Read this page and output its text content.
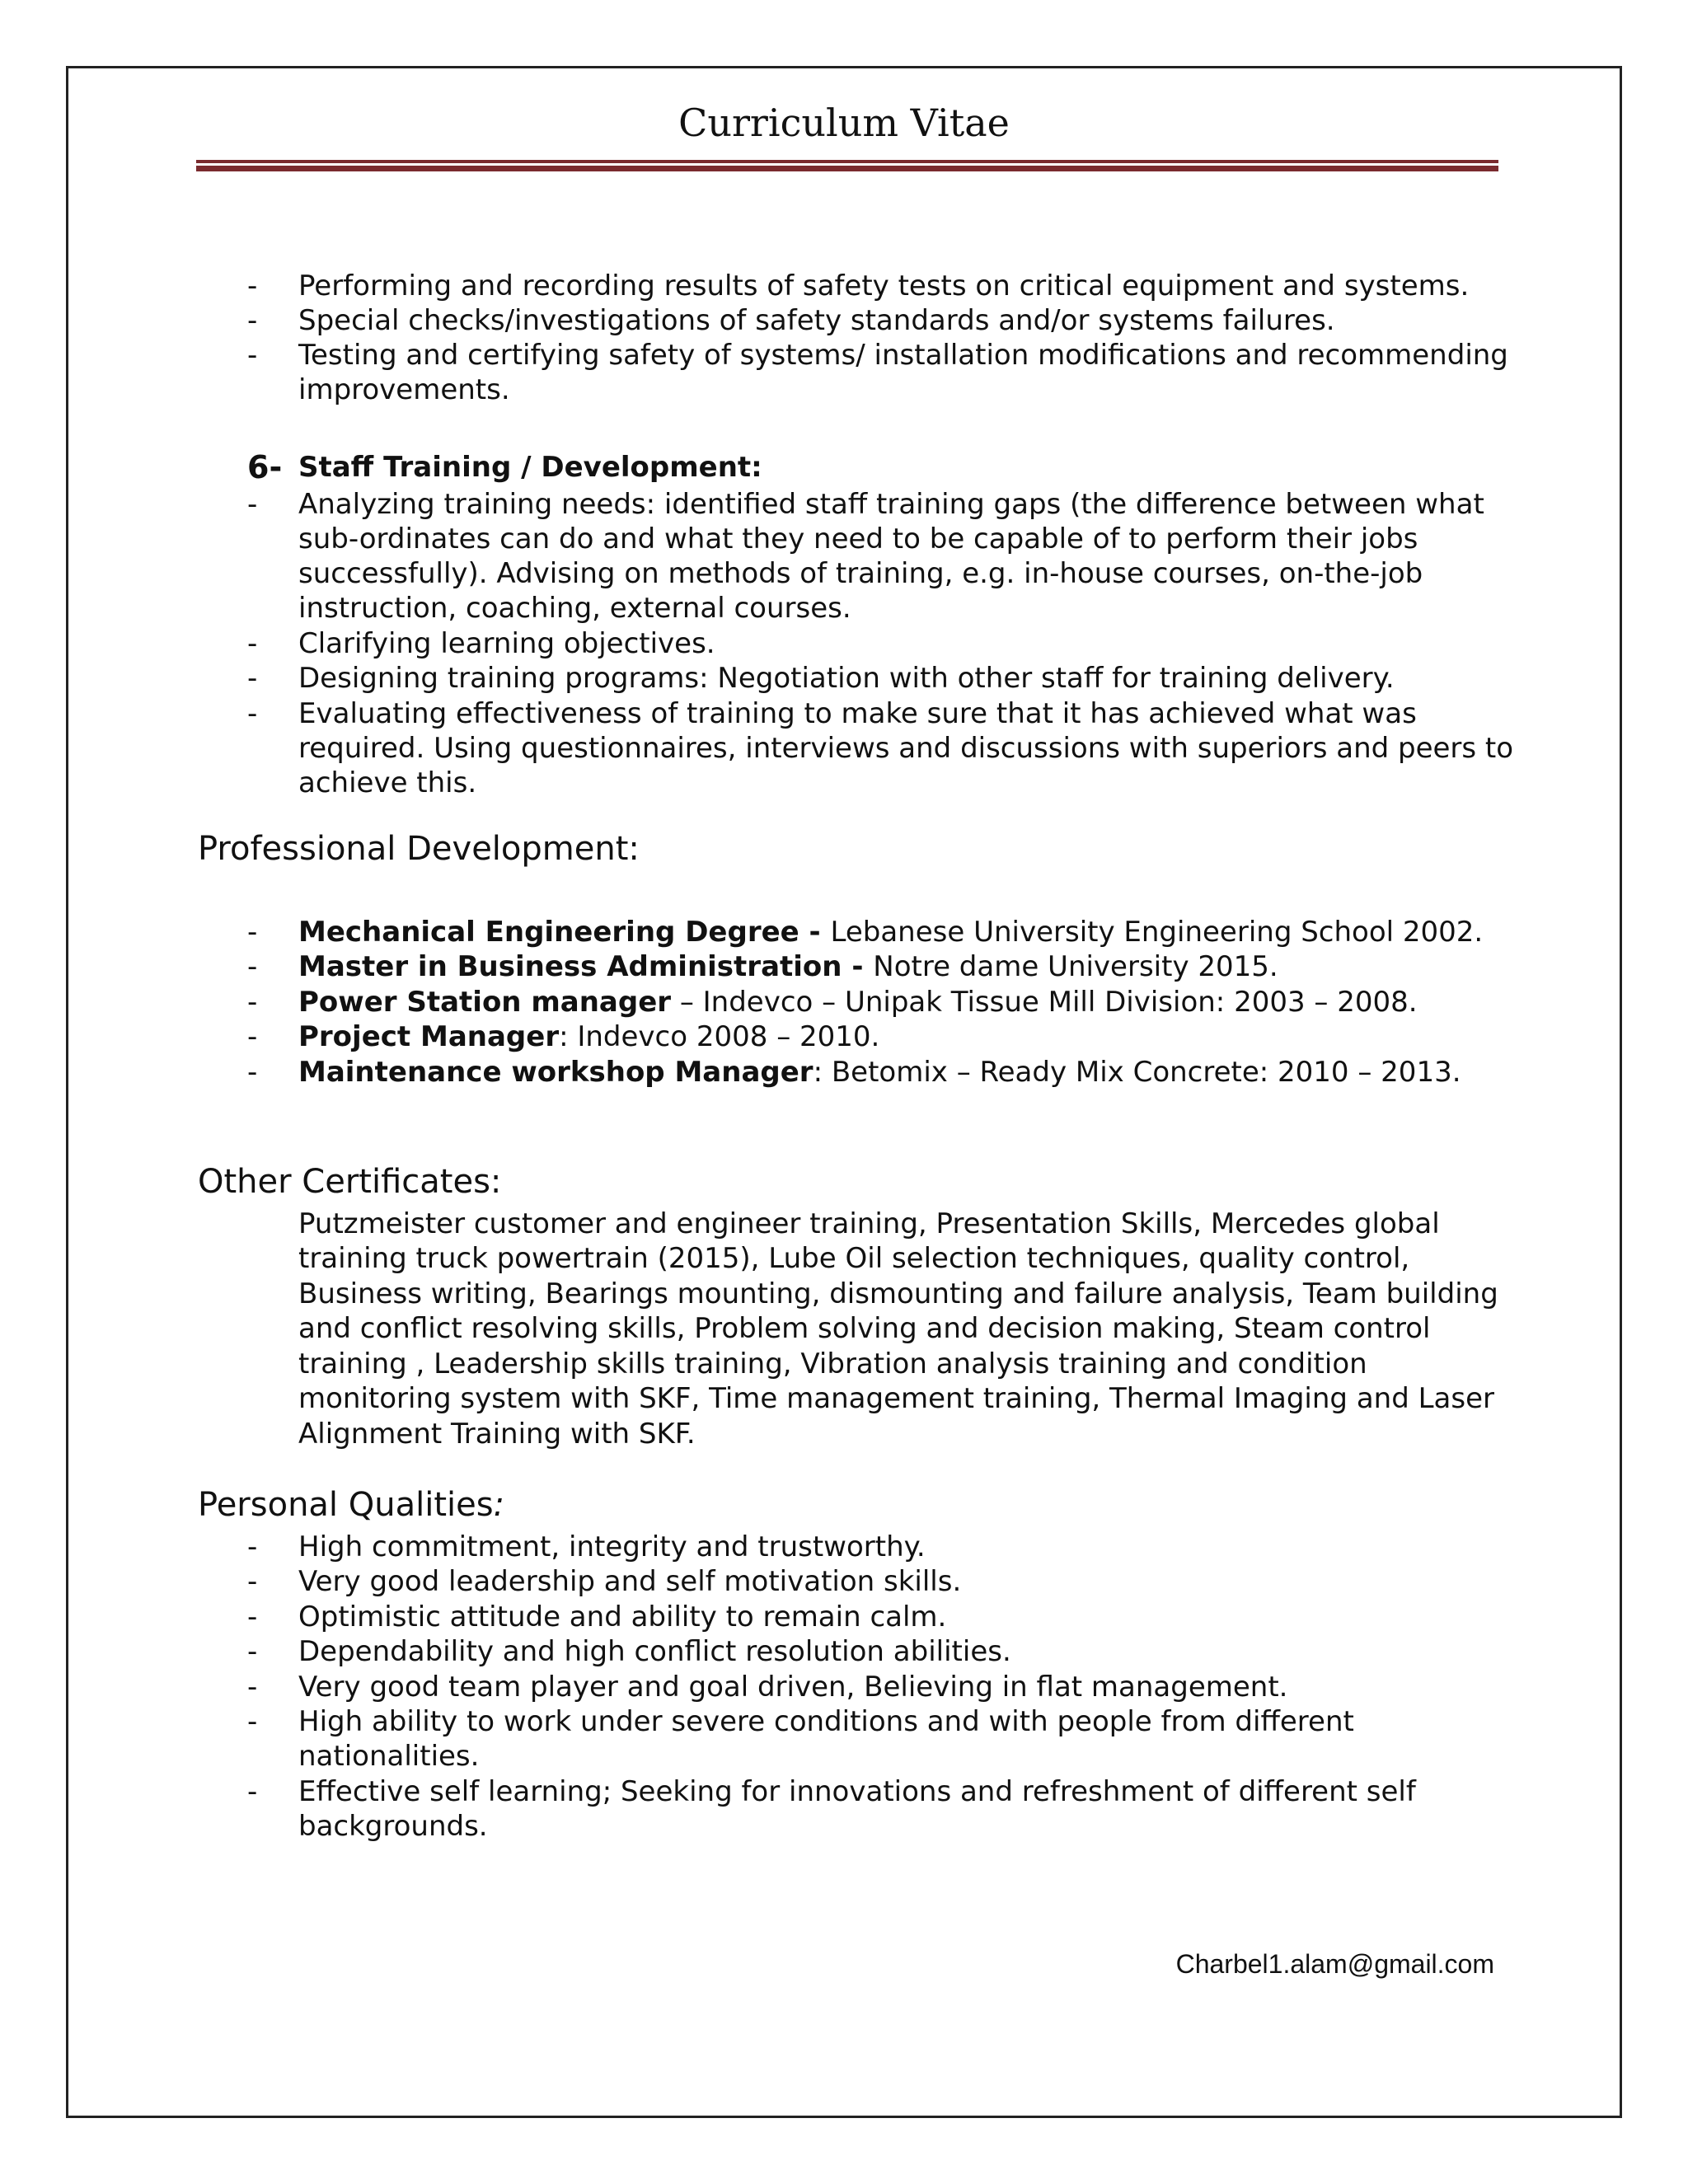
Curriculum Vitae
- Performing and recording results of safety tests on critical equipment and systems.
- Special checks/investigations of safety standards and/or systems failures.
- Testing and certifying safety of systems/ installation modifications and recommending
improvements.
6- Staff Training / Development:
- Analyzing training needs: identified staff training gaps (the difference between what
sub-ordinates can do and what they need to be capable of to perform their jobs
successfully). Advising on methods of training, e.g. in-house courses, on-the-job
instruction, coaching, external courses.
- Clarifying learning objectives.
- Designing training programs: Negotiation with other staff for training delivery.
- Evaluating effectiveness of training to make sure that it has achieved what was
required. Using questionnaires, interviews and discussions with superiors and peers to
achieve this.
Professional Development:
- Mechanical Engineering Degree - Lebanese University Engineering School 2002.
- Master in Business Administration - Notre dame University 2015.
- Power Station manager – Indevco – Unipak Tissue Mill Division: 2003 – 2008.
- Project Manager: Indevco 2008 – 2010.
- Maintenance workshop Manager: Betomix – Ready Mix Concrete: 2010 – 2013.
Other Certificates:
Putzmeister customer and engineer training, Presentation Skills, Mercedes global
training truck powertrain (2015), Lube Oil selection techniques, quality control,
Business writing, Bearings mounting, dismounting and failure analysis, Team building
and conflict resolving skills, Problem solving and decision making, Steam control
training , Leadership skills training, Vibration analysis training and condition
monitoring system with SKF, Time management training, Thermal Imaging and Laser
Alignment Training with SKF.
Personal Qualities:
- High commitment, integrity and trustworthy.
- Very good leadership and self motivation skills.
- Optimistic attitude and ability to remain calm.
- Dependability and high conflict resolution abilities.
- Very good team player and goal driven, Believing in flat management.
- High ability to work under severe conditions and with people from different
nationalities.
- Effective self learning; Seeking for innovations and refreshment of different self
backgrounds.
Charbel1.alam@gmail.com
